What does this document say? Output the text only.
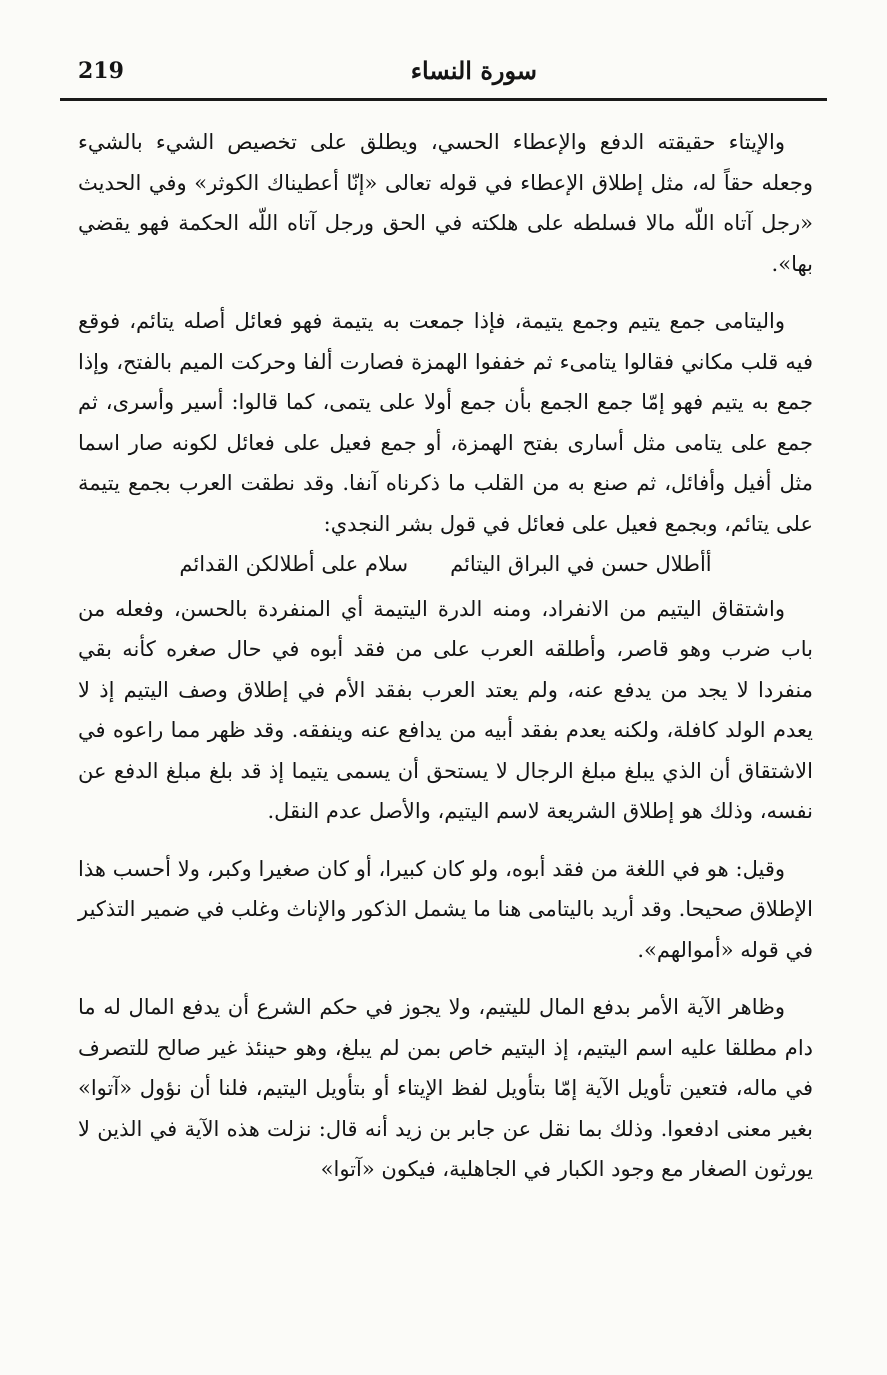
219	سورة النساء

والإيتاء حقيقته الدفع والإعطاء الحسي، ويطلق على تخصيص الشيء بالشيء وجعله حقاً له، مثل إطلاق الإعطاء في قوله تعالى «إنّا أعطيناك الكوثر» وفي الحديث «رجل آتاه اللّه مالا فسلطه على هلكته في الحق ورجل آتاه اللّه الحكمة فهو يقضي بها».

واليتامى جمع يتيم وجمع يتيمة، فإذا جمعت به يتيمة فهو فعائل أصله يتائم، فوقع فيه قلب مكاني فقالوا يتامىء ثم خففوا الهمزة فصارت ألفا وحركت الميم بالفتح، وإذا جمع به يتيم فهو إمّا جمع الجمع بأن جمع أولا على يتمى، كما قالوا: أسير وأسرى، ثم جمع على يتامى مثل أسارى بفتح الهمزة، أو جمع فعيل على فعائل لكونه صار اسما مثل أفيل وأفائل، ثم صنع به من القلب ما ذكرناه آنفا. وقد نطقت العرب بجمع يتيمة على يتائم، وبجمع فعيل على فعائل في قول بشر النجدي:

أأطلال حسن في البراق اليتائم
سلام على أطلالكن القدائم

واشتقاق اليتيم من الانفراد، ومنه الدرة اليتيمة أي المنفردة بالحسن، وفعله من باب ضرب وهو قاصر، وأطلقه العرب على من فقد أبوه في حال صغره كأنه بقي منفردا لا يجد من يدفع عنه، ولم يعتد العرب بفقد الأم في إطلاق وصف اليتيم إذ لا يعدم الولد كافلة، ولكنه يعدم بفقد أبيه من يدافع عنه وينفقه. وقد ظهر مما راعوه في الاشتقاق أن الذي يبلغ مبلغ الرجال لا يستحق أن يسمى يتيما إذ قد بلغ مبلغ الدفع عن نفسه، وذلك هو إطلاق الشريعة لاسم اليتيم، والأصل عدم النقل.

وقيل: هو في اللغة من فقد أبوه، ولو كان كبيرا، أو كان صغيرا وكبر، ولا أحسب هذا الإطلاق صحيحا. وقد أريد باليتامى هنا ما يشمل الذكور والإناث وغلب في ضمير التذكير في قوله «أموالهم».

وظاهر الآية الأمر بدفع المال لليتيم، ولا يجوز في حكم الشرع أن يدفع المال له ما دام مطلقا عليه اسم اليتيم، إذ اليتيم خاص بمن لم يبلغ، وهو حينئذ غير صالح للتصرف في ماله، فتعين تأويل الآية إمّا بتأويل لفظ الإيتاء أو بتأويل اليتيم، فلنا أن نؤول «آتوا» بغير معنى ادفعوا. وذلك بما نقل عن جابر بن زيد أنه قال: نزلت هذه الآية في الذين لا يورثون الصغار مع وجود الكبار في الجاهلية، فيكون «آتوا»
